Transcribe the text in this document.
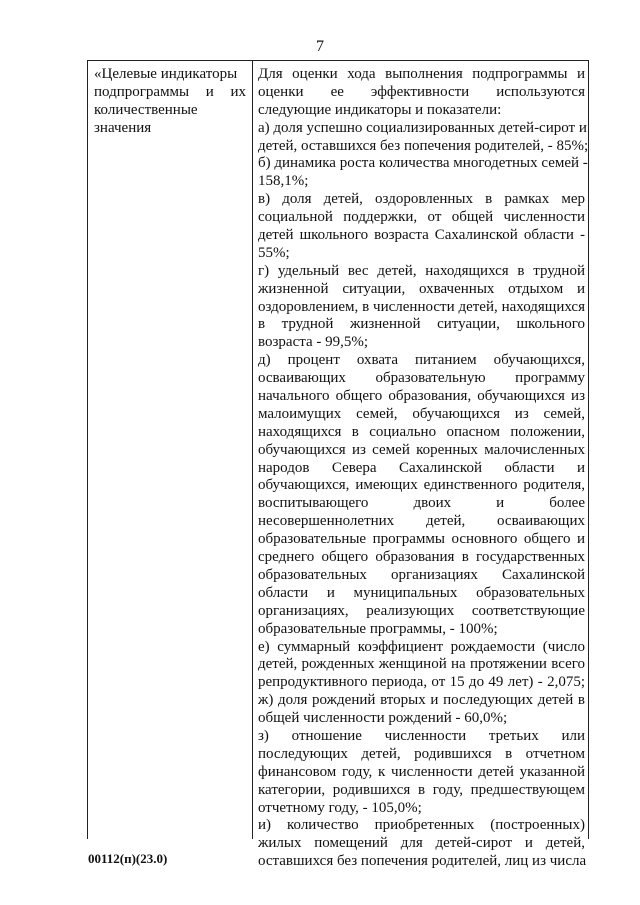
7
«Целевые индикаторы
подпрограммы и их
количественные
значения
Для оценки хода выполнения подпрограммы и
оценки ее эффективности используются
следующие индикаторы и показатели:
а) доля успешно социализированных детей-сирот и
детей, оставшихся без попечения родителей, - 85%;
б) динамика роста количества многодетных семей -
158,1%;
в) доля детей, оздоровленных в рамках мер
социальной поддержки, от общей численности
детей школьного возраста Сахалинской области -
55%;
г) удельный вес детей, находящихся в трудной
жизненной ситуации, охваченных отдыхом и
оздоровлением, в численности детей, находящихся
в трудной жизненной ситуации, школьного
возраста - 99,5%;
д) процент охвата питанием обучающихся,
осваивающих образовательную программу
начального общего образования, обучающихся из
малоимущих семей, обучающихся из семей,
находящихся в социально опасном положении,
обучающихся из семей коренных малочисленных
народов Севера Сахалинской области и
обучающихся, имеющих единственного родителя,
воспитывающего двоих и более
несовершеннолетних детей, осваивающих
образовательные программы основного общего и
среднего общего образования в государственных
образовательных организациях Сахалинской
области и муниципальных образовательных
организациях, реализующих соответствующие
образовательные программы, - 100%;
е) суммарный коэффициент рождаемости (число
детей, рожденных женщиной на протяжении всего
репродуктивного периода, от 15 до 49 лет) - 2,075;
ж) доля рождений вторых и последующих детей в
общей численности рождений - 60,0%;
з) отношение численности третьих или
последующих детей, родившихся в отчетном
финансовом году, к численности детей указанной
категории, родившихся в году, предшествующем
отчетному году, - 105,0%;
и) количество приобретенных (построенных)
жилых помещений для детей-сирот и детей,
оставшихся без попечения родителей, лиц из числа
00112(п)(23.0)
